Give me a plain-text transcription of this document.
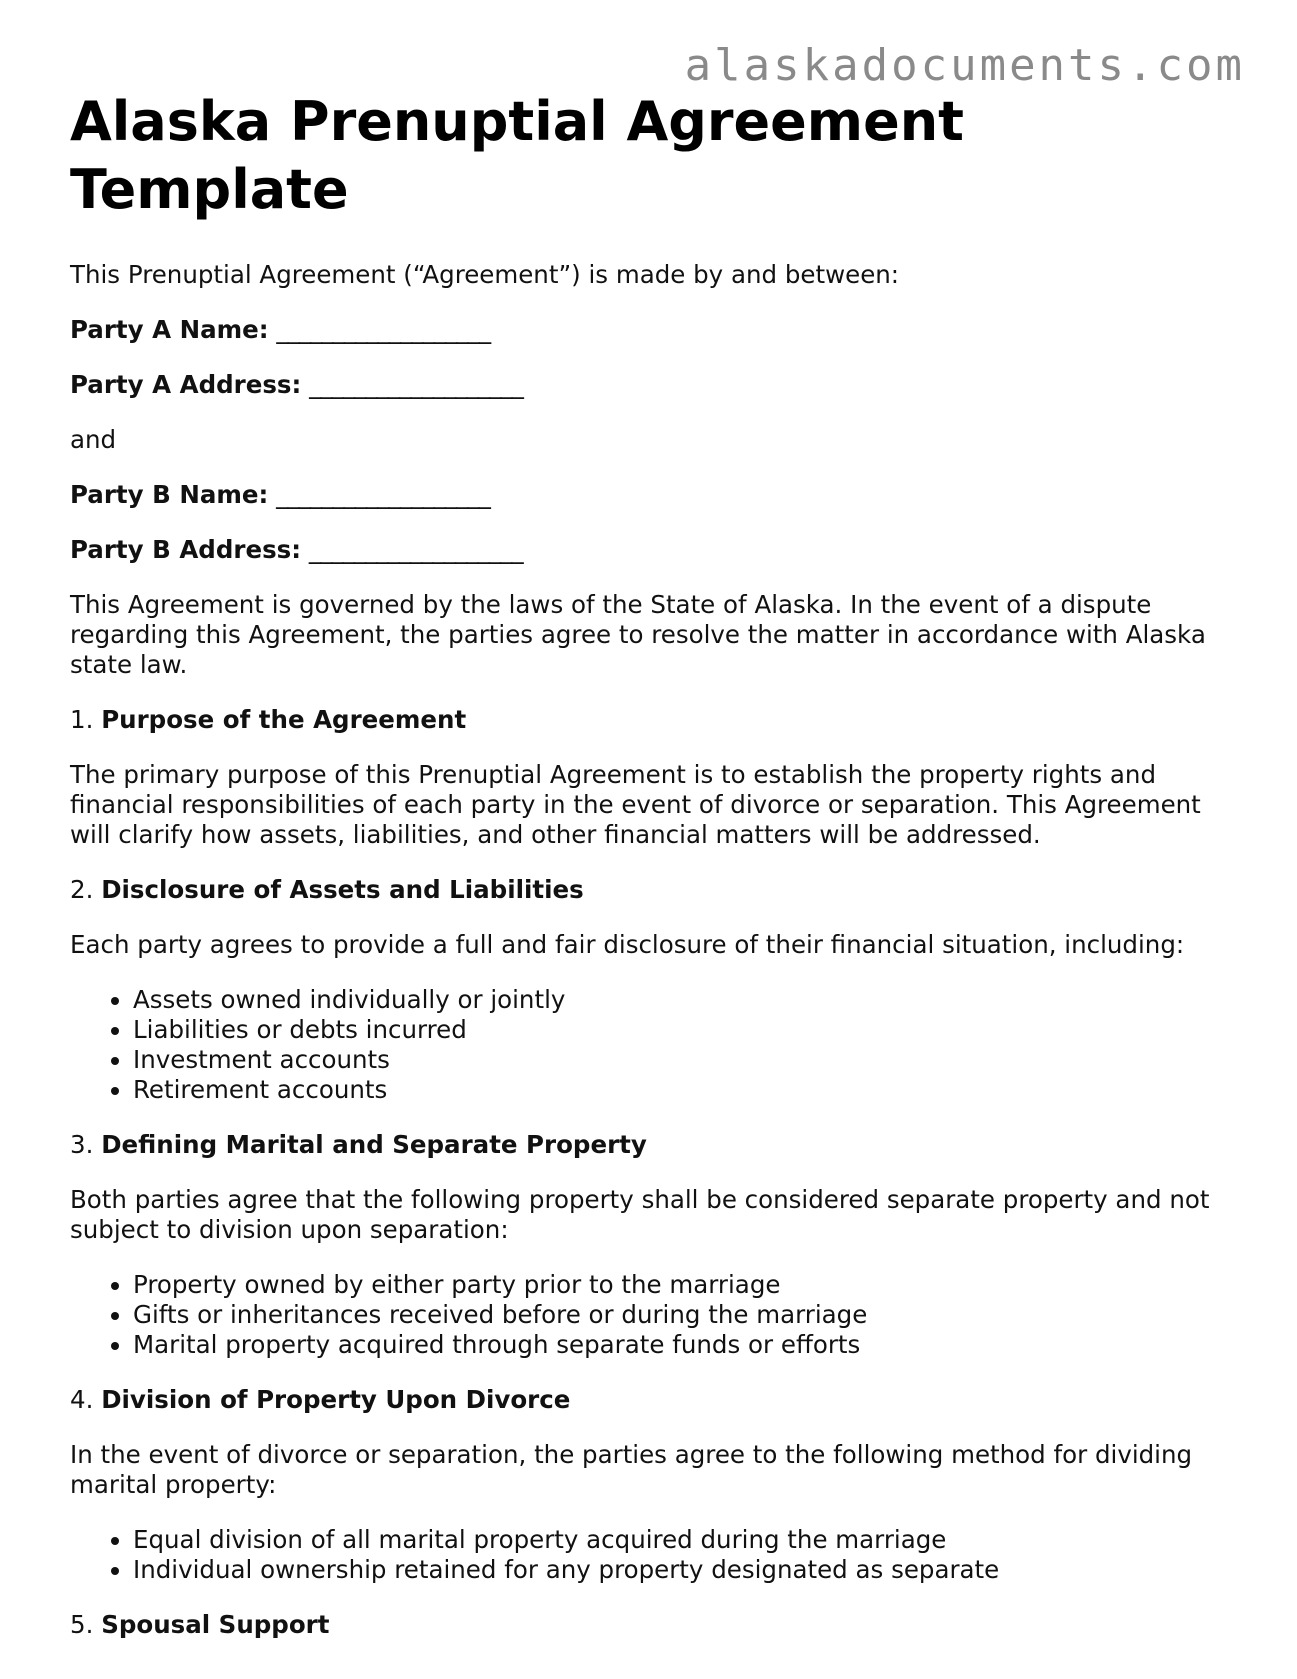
alaskadocuments.com
Alaska Prenuptial Agreement Template

This Prenuptial Agreement (“Agreement”) is made by and between:

Party A Name: ___________________

Party A Address: ___________________

and

Party B Name: ___________________

Party B Address: ___________________

This Agreement is governed by the laws of the State of Alaska. In the event of a dispute regarding this Agreement, the parties agree to resolve the matter in accordance with Alaska state law.

1. Purpose of the Agreement

The primary purpose of this Prenuptial Agreement is to establish the property rights and financial responsibilities of each party in the event of divorce or separation. This Agreement will clarify how assets, liabilities, and other financial matters will be addressed.

2. Disclosure of Assets and Liabilities

Each party agrees to provide a full and fair disclosure of their financial situation, including:

• Assets owned individually or jointly
• Liabilities or debts incurred
• Investment accounts
• Retirement accounts
3. Defining Marital and Separate Property

Both parties agree that the following property shall be considered separate property and not subject to division upon separation:

• Property owned by either party prior to the marriage
• Gifts or inheritances received before or during the marriage
• Marital property acquired through separate funds or efforts
4. Division of Property Upon Divorce

In the event of divorce or separation, the parties agree to the following method for dividing marital property:

• Equal division of all marital property acquired during the marriage
• Individual ownership retained for any property designated as separate
5. Spousal Support
